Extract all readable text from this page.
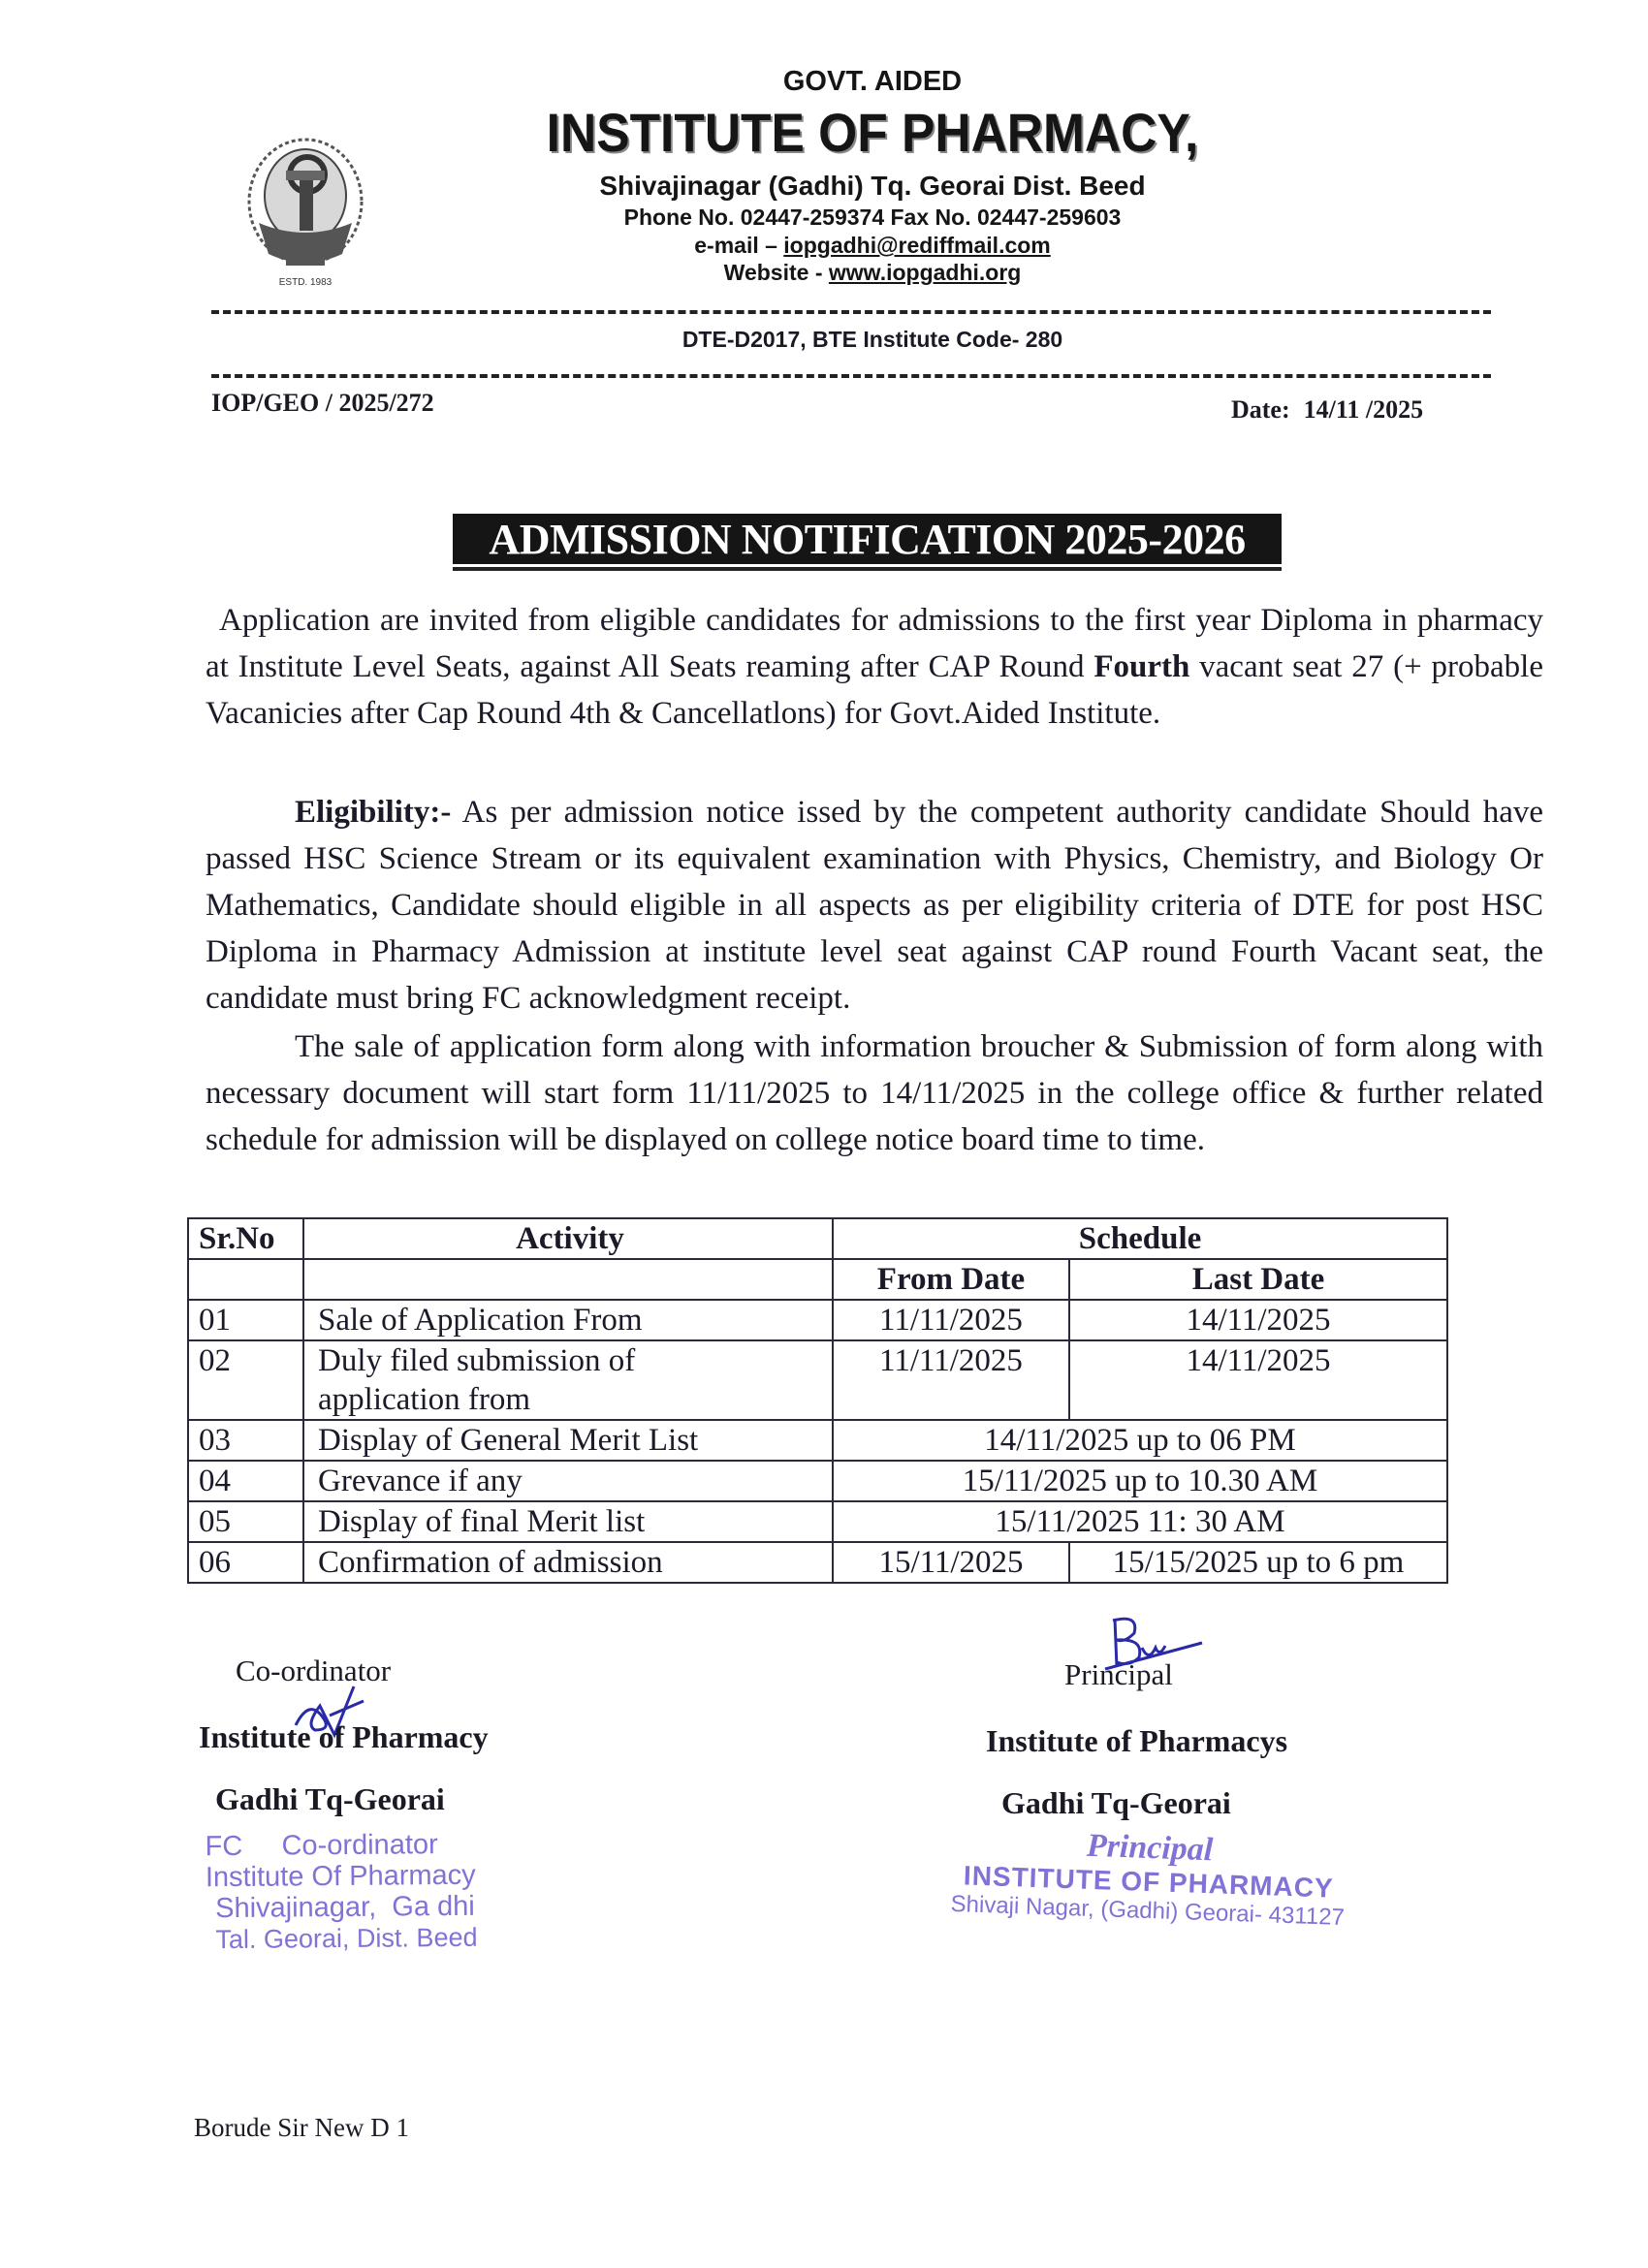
ESTD. 1983
GOVT. AIDED
INSTITUTE OF PHARMACY,
Shivajinagar (Gadhi) Tq. Georai Dist. Beed
Phone No. 02447-259374 Fax No. 02447-259603
e-mail – iopgadhi@rediffmail.com
Website - www.iopgadhi.org
DTE-D2017, BTE Institute Code- 280
IOP/GEO / 2025/272	Date: 14/11 /2025
ADMISSION NOTIFICATION 2025-2026

Application are invited from eligible candidates for admissions to the first year Diploma in pharmacy at Institute Level Seats, against All Seats reaming after CAP Round Fourth vacant seat 27 (+ probable Vacanicies after Cap Round 4th & Cancellatlons) for Govt.Aided Institute.

Eligibility:- As per admission notice issed by the competent authority candidate Should have passed HSC Science Stream or its equivalent examination with Physics, Chemistry, and Biology Or Mathematics, Candidate should eligible in all aspects as per eligibility criteria of DTE for post HSC Diploma in Pharmacy Admission at institute level seat against CAP round Fourth Vacant seat, the candidate must bring FC acknowledgment receipt.

The sale of application form along with information broucher & Submission of form along with necessary document will start form 11/11/2025 to 14/11/2025 in the college office & further related schedule for admission will be displayed on college notice board time to time.

Sr.No	Activity	Schedule	
		From Date	Last Date
01	Sale of Application From	11/11/2025	14/11/2025
02	Duly filed submission of application from	11/11/2025	14/11/2025
03	Display of General Merit List	14/11/2025 up to 06 PM	
04	Grevance if any	15/11/2025 up to 10.30 AM	
05	Display of final Merit list	15/11/2025 11: 30 AM	
06	Confirmation of admission	15/11/2025	15/15/2025 up to 6 pm
Co-ordinator
Institute of Pharmacy
Gadhi Tq-Georai
FC     Co-ordinator
Institute Of Pharmacy
Shivajinagar,  Ga dhi
Tal. Georai, Dist. Beed
Principal
Institute of Pharmacys
Gadhi Tq-Georai
Principal
INSTITUTE OF PHARMACY
Shivaji Nagar, (Gadhi) Georai- 431127
Borude Sir New D 1
